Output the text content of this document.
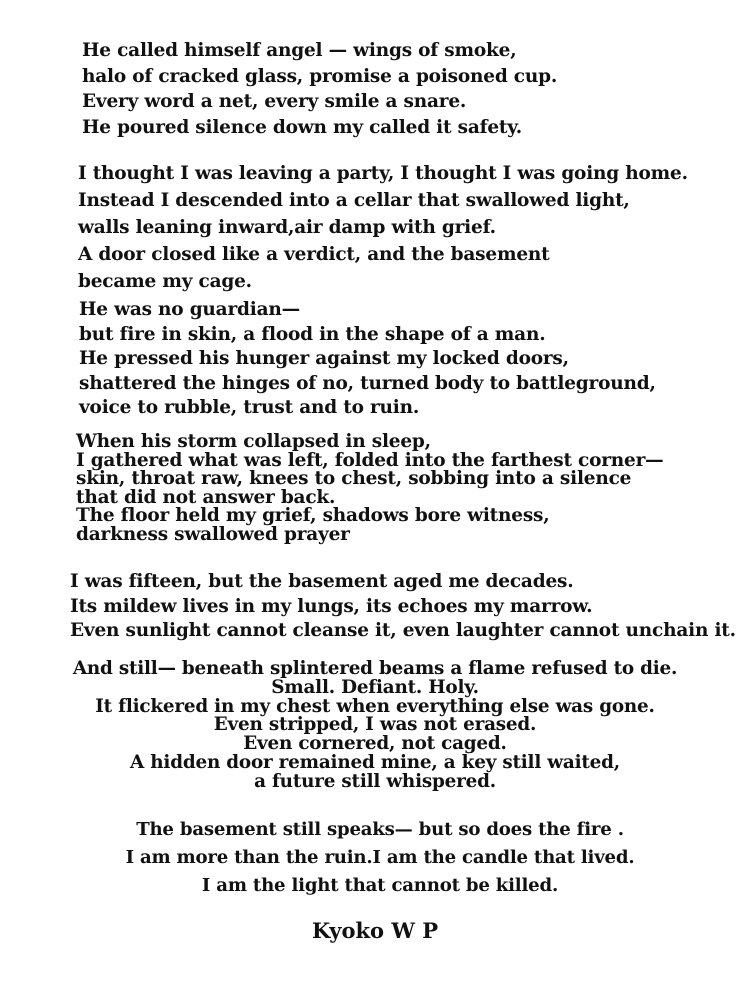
He called himself angel — wings of smoke,
halo of cracked glass, promise a poisoned cup.
Every word a net, every smile a snare.
He poured silence down my called it safety.
I thought I was leaving a party, I thought I was going home.
Instead I descended into a cellar that swallowed light,
walls leaning inward,air damp with grief.
A door closed like a verdict, and the basement
became my cage.
He was no guardian—
but fire in skin, a flood in the shape of a man.
He pressed his hunger against my locked doors,
shattered the hinges of no, turned body to battleground,
voice to rubble, trust and to ruin.
When his storm collapsed in sleep,
I gathered what was left, folded into the farthest corner—
skin, throat raw, knees to chest, sobbing into a silence
that did not answer back.
The floor held my grief, shadows bore witness,
darkness swallowed prayer
I was fifteen, but the basement aged me decades.
Its mildew lives in my lungs, its echoes my marrow.
Even sunlight cannot cleanse it, even laughter cannot unchain it.
And still— beneath splintered beams a flame refused to die.
Small. Defiant. Holy.
It flickered in my chest when everything else was gone.
Even stripped, I was not erased.
Even cornered, not caged.
A hidden door remained mine, a key still waited,
a future still whispered.
The basement still speaks— but so does the fire .
I am more than the ruin.I am the candle that lived.
I am the light that cannot be killed.

Kyoko W P
